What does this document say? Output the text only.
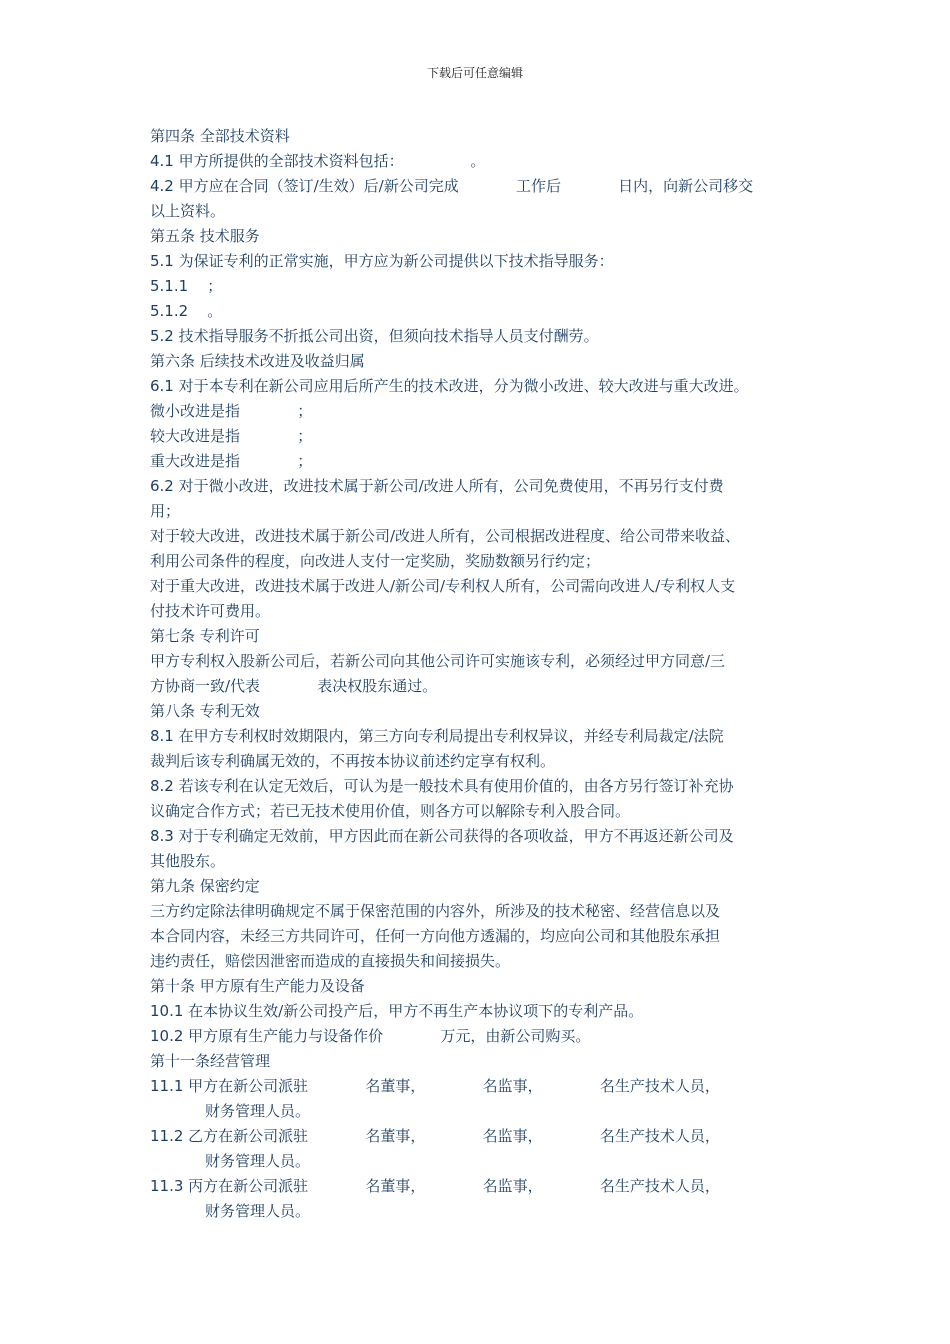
下载后可任意编辑
第四条 全部技术资料
4.1 甲方所提供的全部技术资料包括：              。
4.2 甲方应在合同（签订/生效）后/新公司完成            工作后            日内，向新公司移交
以上资料。
第五条 技术服务
5.1 为保证专利的正常实施，甲方应为新公司提供以下技术指导服务：
5.1.1    ；
5.1.2    。
5.2 技术指导服务不折抵公司出资，但须向技术指导人员支付酬劳。
第六条 后续技术改进及收益归属
6.1 对于本专利在新公司应用后所产生的技术改进，分为微小改进、较大改进与重大改进。
微小改进是指            ；
较大改进是指            ；
重大改进是指            ；
6.2 对于微小改进，改进技术属于新公司/改进人所有，公司免费使用，不再另行支付费
用；
对于较大改进，改进技术属于新公司/改进人所有，公司根据改进程度、给公司带来收益、
利用公司条件的程度，向改进人支付一定奖励，奖励数额另行约定；
对于重大改进，改进技术属于改进人/新公司/专利权人所有，公司需向改进人/专利权人支
付技术许可费用。
第七条 专利许可
甲方专利权入股新公司后，若新公司向其他公司许可实施该专利，必须经过甲方同意/三
方协商一致/代表            表决权股东通过。
第八条 专利无效
8.1 在甲方专利权时效期限内，第三方向专利局提出专利权异议，并经专利局裁定/法院
裁判后该专利确属无效的，不再按本协议前述约定享有权利。
8.2 若该专利在认定无效后，可认为是一般技术具有使用价值的，由各方另行签订补充协
议确定合作方式；若已无技术使用价值，则各方可以解除专利入股合同。
8.3 对于专利确定无效前，甲方因此而在新公司获得的各项收益，甲方不再返还新公司及
其他股东。
第九条 保密约定
三方约定除法律明确规定不属于保密范围的内容外，所涉及的技术秘密、经营信息以及
本合同内容，未经三方共同许可，任何一方向他方透漏的，均应向公司和其他股东承担
违约责任，赔偿因泄密而造成的直接损失和间接损失。
第十条 甲方原有生产能力及设备
10.1 在本协议生效/新公司投产后，甲方不再生产本协议项下的专利产品。
10.2 甲方原有生产能力与设备作价            万元，由新公司购买。
第十一条经营管理
11.1 甲方在新公司派驻            名董事，            名监事，            名生产技术人员，
财务管理人员。
11.2 乙方在新公司派驻            名董事，            名监事，            名生产技术人员，
财务管理人员。
11.3 丙方在新公司派驻            名董事，            名监事，            名生产技术人员，
财务管理人员。
